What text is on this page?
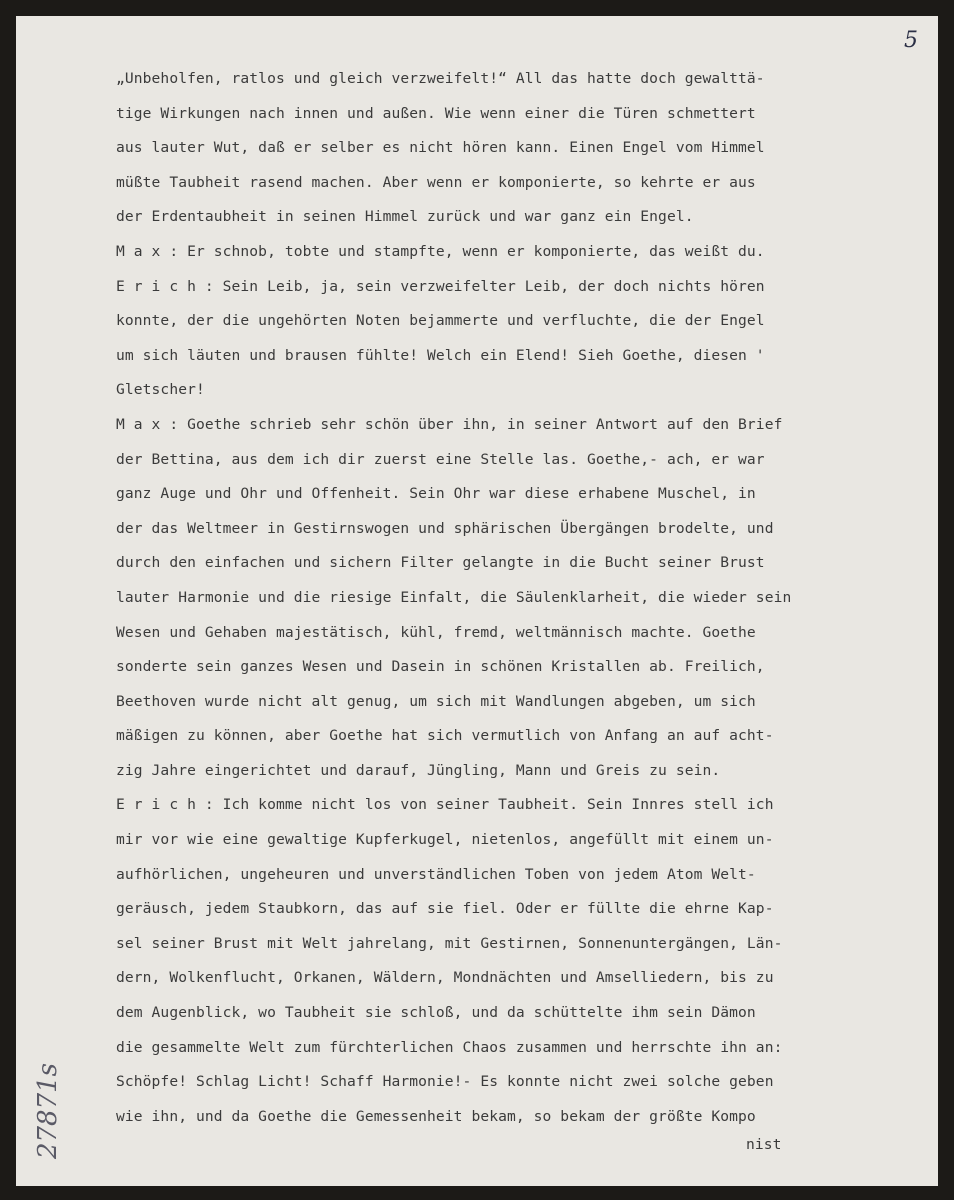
5
„Unbeholfen, ratlos und gleich verzweifelt!“ All das hatte doch gewalttä-
tige Wirkungen nach innen und außen. Wie wenn einer die Türen schmettert
aus lauter Wut, daß er selber es nicht hören kann. Einen Engel vom Himmel
müßte Taubheit rasend machen. Aber wenn er komponierte, so kehrte er aus
der Erdentaubheit in seinen Himmel zurück und war ganz ein Engel.
M a x : Er schnob, tobte und stampfte, wenn er komponierte, das weißt du.
E r i c h : Sein Leib, ja, sein verzweifelter Leib, der doch nichts hören
konnte, der die ungehörten Noten bejammerte und verfluchte, die der Engel
um sich läuten und brausen fühlte! Welch ein Elend! Sieh Goethe, diesen '
Gletscher!
M a x : Goethe schrieb sehr schön über ihn, in seiner Antwort auf den Brief
der Bettina, aus dem ich dir zuerst eine Stelle las. Goethe,- ach, er war
ganz Auge und Ohr und Offenheit. Sein Ohr war diese erhabene Muschel, in
der das Weltmeer in Gestirnswogen und sphärischen Übergängen brodelte, und
durch den einfachen und sichern Filter gelangte in die Bucht seiner Brust
lauter Harmonie und die riesige Einfalt, die Säulenklarheit, die wieder sein
Wesen und Gehaben majestätisch, kühl, fremd, weltmännisch machte. Goethe
sonderte sein ganzes Wesen und Dasein in schönen Kristallen ab. Freilich,
Beethoven wurde nicht alt genug, um sich mit Wandlungen abgeben, um sich
mäßigen zu können, aber Goethe hat sich vermutlich von Anfang an auf acht-
zig Jahre eingerichtet und darauf, Jüngling, Mann und Greis zu sein.
E r i c h : Ich komme nicht los von seiner Taubheit. Sein Innres stell ich
mir vor wie eine gewaltige Kupferkugel, nietenlos, angefüllt mit einem un-
aufhörlichen, ungeheuren und unverständlichen Toben von jedem Atom Welt-
geräusch, jedem Staubkorn, das auf sie fiel. Oder er füllte die ehrne Kap-
sel seiner Brust mit Welt jahrelang, mit Gestirnen, Sonnenuntergängen, Län-
dern, Wolkenflucht, Orkanen, Wäldern, Mondnächten und Amselliedern, bis zu
dem Augenblick, wo Taubheit sie schloß, und da schüttelte ihm sein Dämon
die gesammelte Welt zum fürchterlichen Chaos zusammen und herrschte ihn an:
Schöpfe! Schlag Licht! Schaff Harmonie!- Es konnte nicht zwei solche geben
wie ihn, und da Goethe die Gemessenheit bekam, so bekam der größte Kompo
nist
27871s
